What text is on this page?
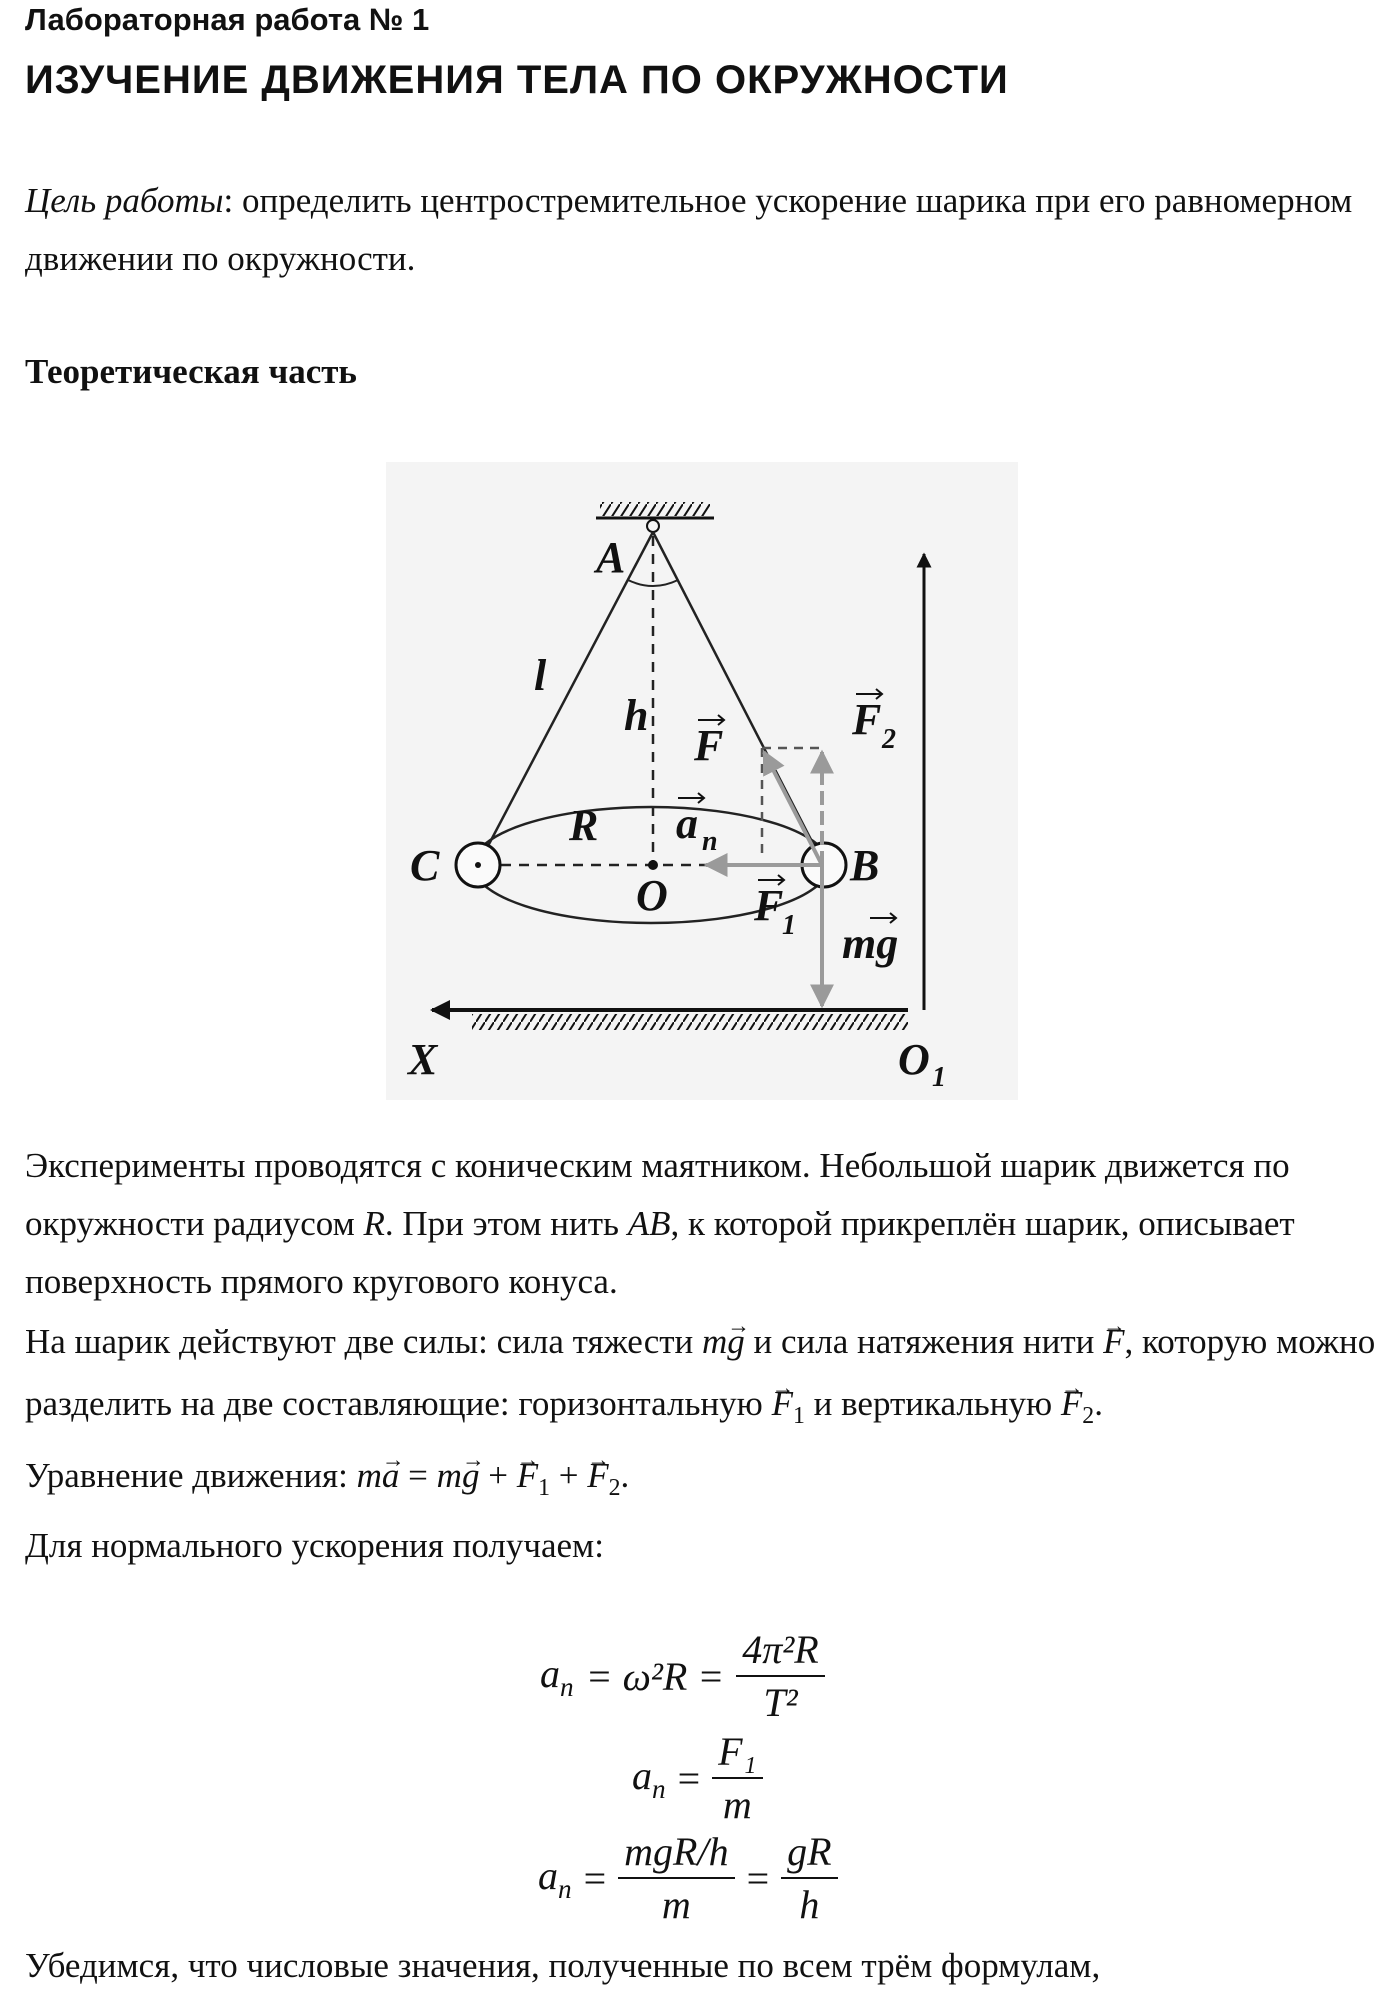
Лабораторная работа № 1
ИЗУЧЕНИЕ ДВИЖЕНИЯ ТЕЛА ПО ОКРУЖНОСТИ

Цель работы: определить центростремительное ускорение шарика при его равномерном движении по окружности.

Теоретическая часть

A
l
h
R
C
O
B
X	O 1
F
F 2
a n
F
1 mg
Эксперименты проводятся с коническим маятником. Небольшой шарик движется по окружности радиусом R. При этом нить AB, к которой прикреплён шарик, описывает поверхность прямого кругового конуса.
На шарик действуют две силы: сила тяжести m→ g и сила натяжения нити → F, которую можно разделить на две составляющие: горизонтальную → $F_1$ и вертикальную → $F_2$.
Уравнение движения: m→ a = m→ g + → $F_1$ + → $F_2$.
Для нормального ускорения получаем:
$a_n = \omega^2R = \frac{\text{4π²R}}{\text{T²}}$
$a_n = \frac{\text{F₁}}{m}$
$a_n = \frac{\text{mgR/h}}{m} = \frac{gR}{h}$

Убедимся, что числовые значения, полученные по всем трём формулам,
